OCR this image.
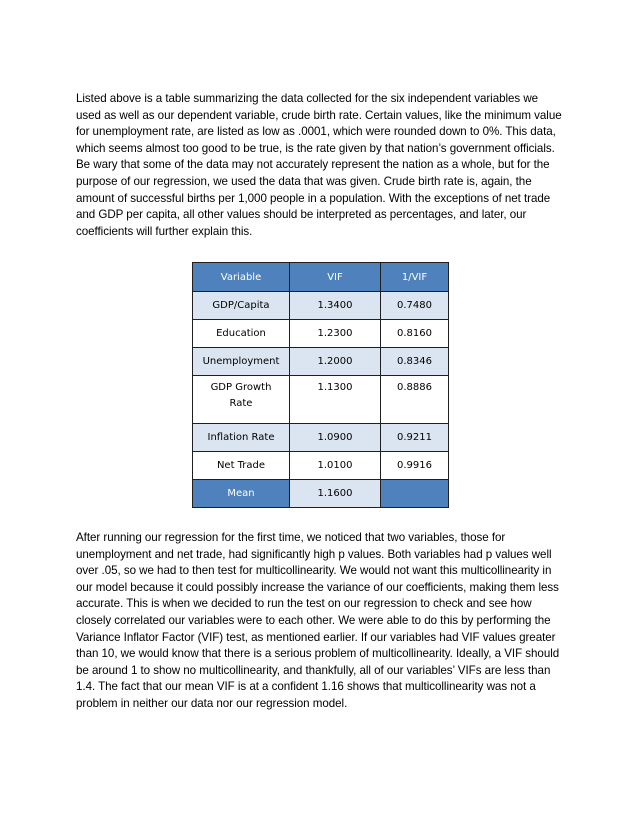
Listed above is a table summarizing the data collected for the six independent variables we
used as well as our dependent variable, crude birth rate. Certain values, like the minimum value
for unemployment rate, are listed as low as .0001, which were rounded down to 0%. This data,
which seems almost too good to be true, is the rate given by that nation’s government officials.
Be wary that some of the data may not accurately represent the nation as a whole, but for the
purpose of our regression, we used the data that was given. Crude birth rate is, again, the
amount of successful births per 1,000 people in a population. With the exceptions of net trade
and GDP per capita, all other values should be interpreted as percentages, and later, our
coefficients will further explain this.

Variable	VIF	1/VIF
GDP/Capita	1.3400	0.7480
Education	1.2300	0.8160
Unemployment	1.2000	0.8346

GDP Growth
Rate	1.1300	0.8886
Inflation Rate	1.0900	0.9211
Net Trade	1.0100	0.9916
Mean	1.1600	

After running our regression for the first time, we noticed that two variables, those for
unemployment and net trade, had significantly high p values. Both variables had p values well
over .05, so we had to then test for multicollinearity. We would not want this multicollinearity in
our model because it could possibly increase the variance of our coefficients, making them less
accurate. This is when we decided to run the test on our regression to check and see how
closely correlated our variables were to each other. We were able to do this by performing the
Variance Inflator Factor (VIF) test, as mentioned earlier. If our variables had VIF values greater
than 10, we would know that there is a serious problem of multicollinearity. Ideally, a VIF should
be around 1 to show no multicollinearity, and thankfully, all of our variables’ VIFs are less than
1.4. The fact that our mean VIF is at a confident 1.16 shows that multicollinearity was not a
problem in neither our data nor our regression model.
